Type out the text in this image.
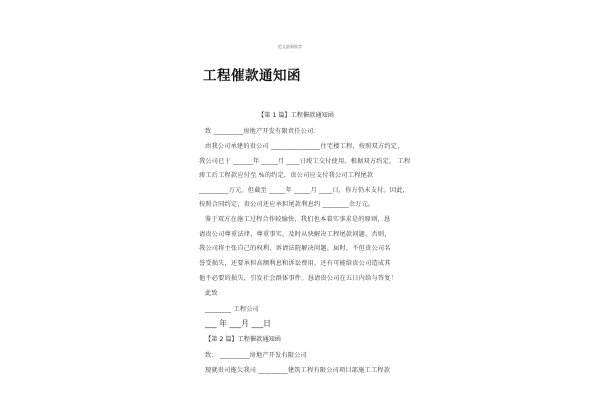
范文最新推荐
工程催款通知函
【第 1 篇】工程催款通知函
致 _________房地产开发有限责任公司：
由我公司承建的贵公司 _______________住宅楼工程，按照双方约定，
我公司已于 ______年 _____月 ____日竣工交付使用。根据双方约定， 工程
竣工后工程款应付至 %的约定，贵公司应支付我公司工程尾款
_________万元。但截至 _____年 _____月 ____日，你方仍未支付。因此，
按照合同约定，贵公司还应承担尾款利息约 ________余万元。
鉴于双方在施工过程合作较愉快，我们也本着实事求是的原则，恳
请贵公司尊重法律，尊重事实，及时从快解决工程尾款问题。否则，
我公司将主张自己的权利，诉请法院解决问题。届时，不但贵公司名
誉受损失，还要承担高额利息和诉讼费用，还有可能给贵公司造成其
他不必要的损失，引发社会群体事件。恳请贵公司在五日内给与答复！
此致
________ 工程公司
___ 年 ___月 ___日
【第 2 篇】工程催款通知函
致： _________房地产开发有限公司
现就贵司拖欠我司 _________建筑工程有限公司项目部施工工程款
